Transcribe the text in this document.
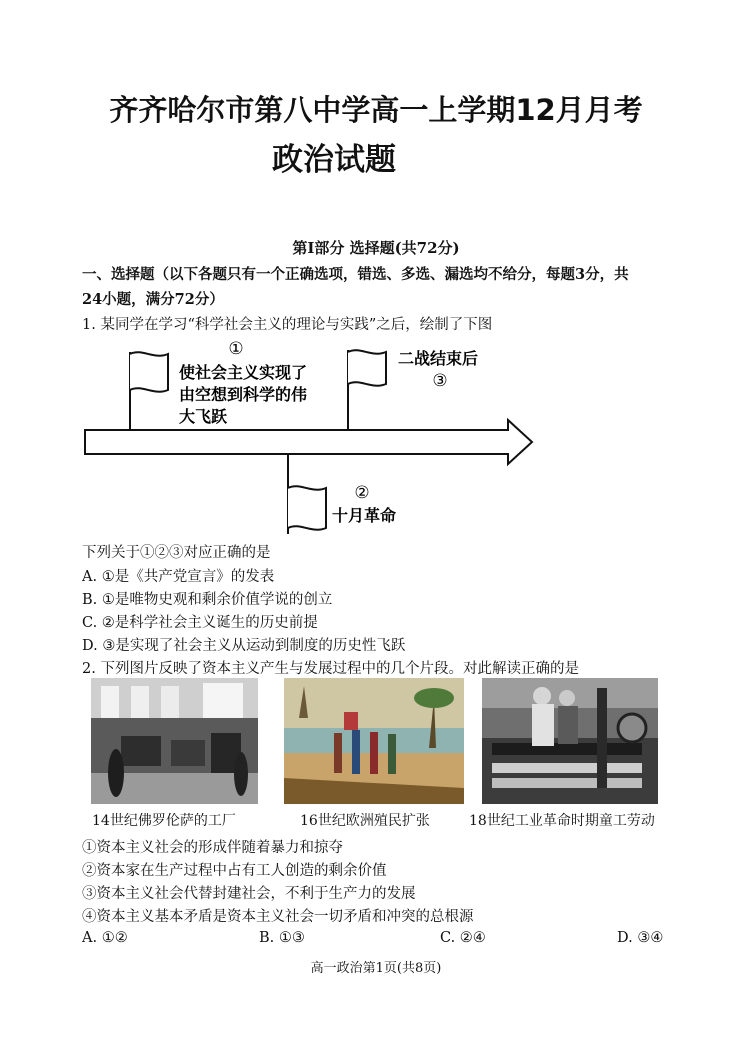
齐齐哈尔市第八中学高一上学期12月月考
政治试题
第Ⅰ部分 选择题(共72分)
一、选择题（以下各题只有一个正确选项，错选、多选、漏选均不给分，每题3分，共
24小题，满分72分）
1. 某同学在学习“科学社会主义的理论与实践”之后，绘制了下图
①
使社会主义实现了
由空想到科学的伟
大飞跃
二战结束后
③
②
十月革命
下列关于①②③对应正确的是
A. ①是《共产党宣言》的发表
B. ①是唯物史观和剩余价值学说的创立
C. ②是科学社会主义诞生的历史前提
D. ③是实现了社会主义从运动到制度的历史性飞跃
2. 下列图片反映了资本主义产生与发展过程中的几个片段。对此解读正确的是
14世纪佛罗伦萨的工厂	16世纪欧洲殖民扩张	18世纪工业革命时期童工劳动
①资本主义社会的形成伴随着暴力和掠夺
②资本家在生产过程中占有工人创造的剩余价值
③资本主义社会代替封建社会，不利于生产力的发展
④资本主义基本矛盾是资本主义社会一切矛盾和冲突的总根源
A. ①②	B. ①③	C. ②④	D. ③④
高一政治第1页(共8页)
